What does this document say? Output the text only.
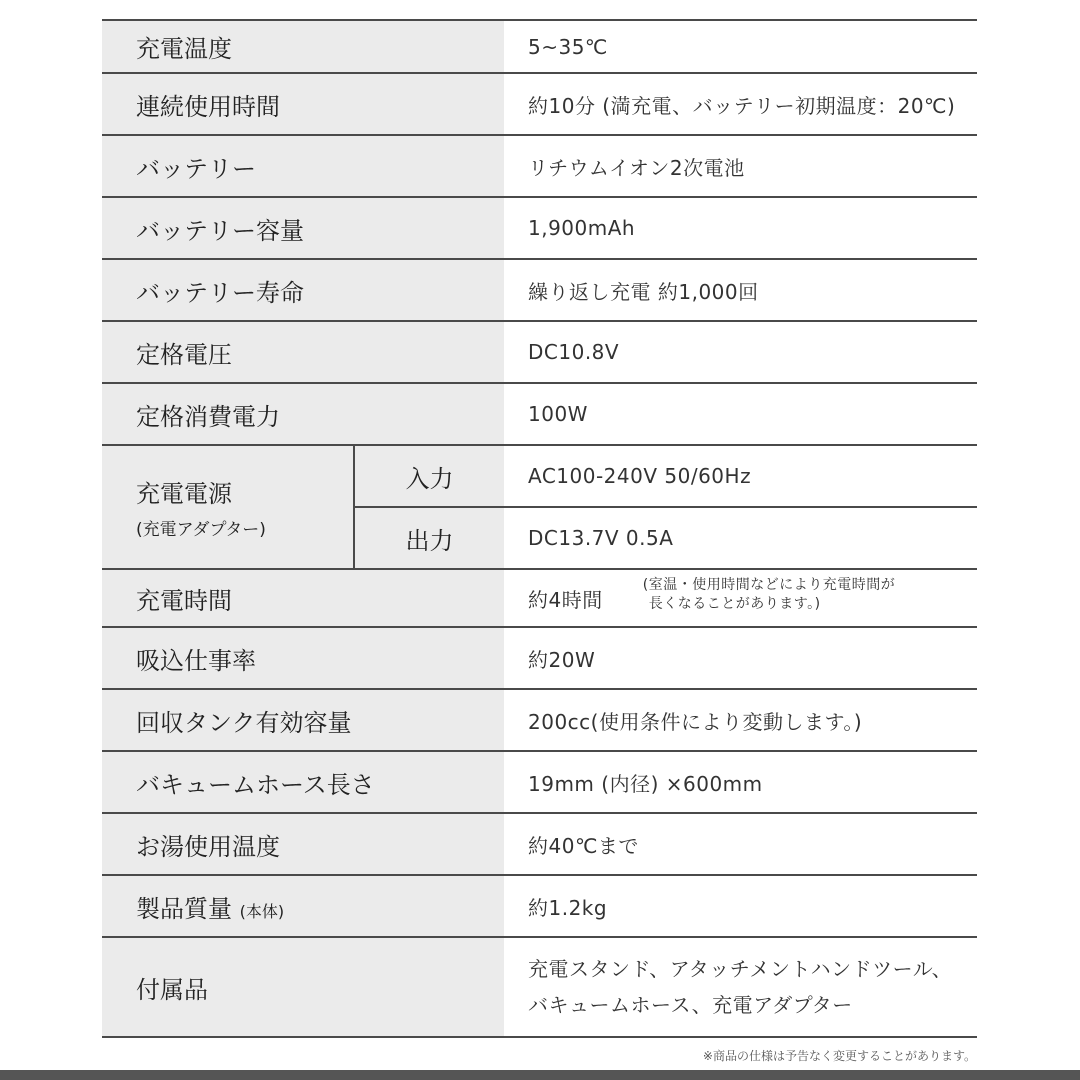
充電温度		5~35℃
連続使用時間		約10分 (満充電、バッテリー初期温度：20℃)
バッテリー		リチウムイオン2次電池
バッテリー容量		1,900mAh
バッテリー寿命		繰り返し充電 約1,000回
定格電圧		DC10.8V
定格消費電力		100W

充電電源
(充電アダプター)	入力	AC100-240V 50/60Hz
	出力	DC13.7V 0.5A
充電時間		約4時間
(室温・使用時間などにより充電時間が
長くなることがあります。)

吸込仕事率		約20W
回収タンク有効容量		200cc(使用条件により変動します。)
バキュームホース長さ		19mm (内径) ×600mm
お湯使用温度		約40℃まで
製品質量 (本体)		約1.2kg
付属品		充電スタンド、アタッチメントハンドツール、
バキュームホース、充電アダプター
※商品の仕様は予告なく変更することがあります。
